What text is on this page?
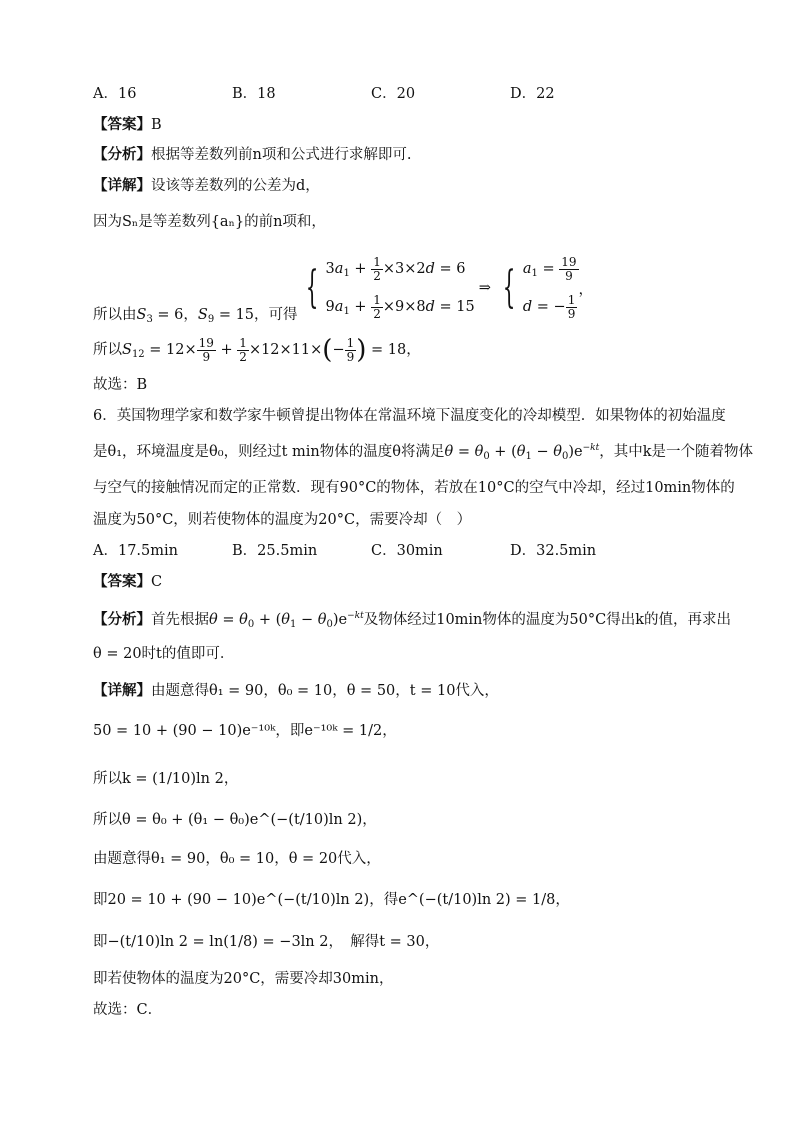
A．16	B．18	C．20	D．22
【答案】B
【分析】根据等差数列前n项和公式进行求解即可.
【详解】设该等差数列的公差为d，
因为Sₙ是等差数列{aₙ}的前n项和，
所以由$S_3 = 6$，$S_9 = 15$，可得{ $3a_1 + \frac{1}{2} \times 3\times 2d = 6$
$9a_1 + \frac{1}{2} \times 9\times 8d = 15$
⇒ { $a_1 = \frac{19}{9}$
d = − $\frac{1}{9}$
，
所以$S_{12} = 12\times \frac{19}{9} + \frac{1}{2} \times 12\times 11\times(- \frac{1}{9}$ ) = 18，
故选：B
6．英国物理学家和数学家牛顿曾提出物体在常温环境下温度变化的冷却模型．如果物体的初始温度
是θ₁，环境温度是θ₀，则经过t min物体的温度θ将满足$\theta = \theta_0 + (\theta_1 - \theta_0)e^{-kt}$，其中k是一个随着物体
与空气的接触情况而定的正常数．现有90°C的物体，若放在10°C的空气中冷却，经过10min物体的
温度为50°C，则若使物体的温度为20°C，需要冷却（　）
A．17.5min	B．25.5min	C．30min	D．32.5min
【答案】C
【分析】首先根据$\theta = \theta_0 + (\theta_1 - \theta_0)e^{-kt}$及物体经过10min物体的温度为50°C得出k的值，再求出
θ = 20时t的值即可．
【详解】由题意得θ₁ = 90，θ₀ = 10，θ = 50，t = 10代入，
50 = 10 + (90 − 10)e⁻¹⁰ᵏ，即e⁻¹⁰ᵏ = 1/2，
所以k = (1/10)ln 2，
所以θ = θ₀ + (θ₁ − θ₀)e^(−(t/10)ln 2)，
由题意得θ₁ = 90，θ₀ = 10，θ = 20代入，
即20 = 10 + (90 − 10)e^(−(t/10)ln 2)，得e^(−(t/10)ln 2) = 1/8，
即−(t/10)ln 2 = ln(1/8) = −3ln 2，　解得t = 30，
即若使物体的温度为20°C，需要冷却30min，
故选：C．
